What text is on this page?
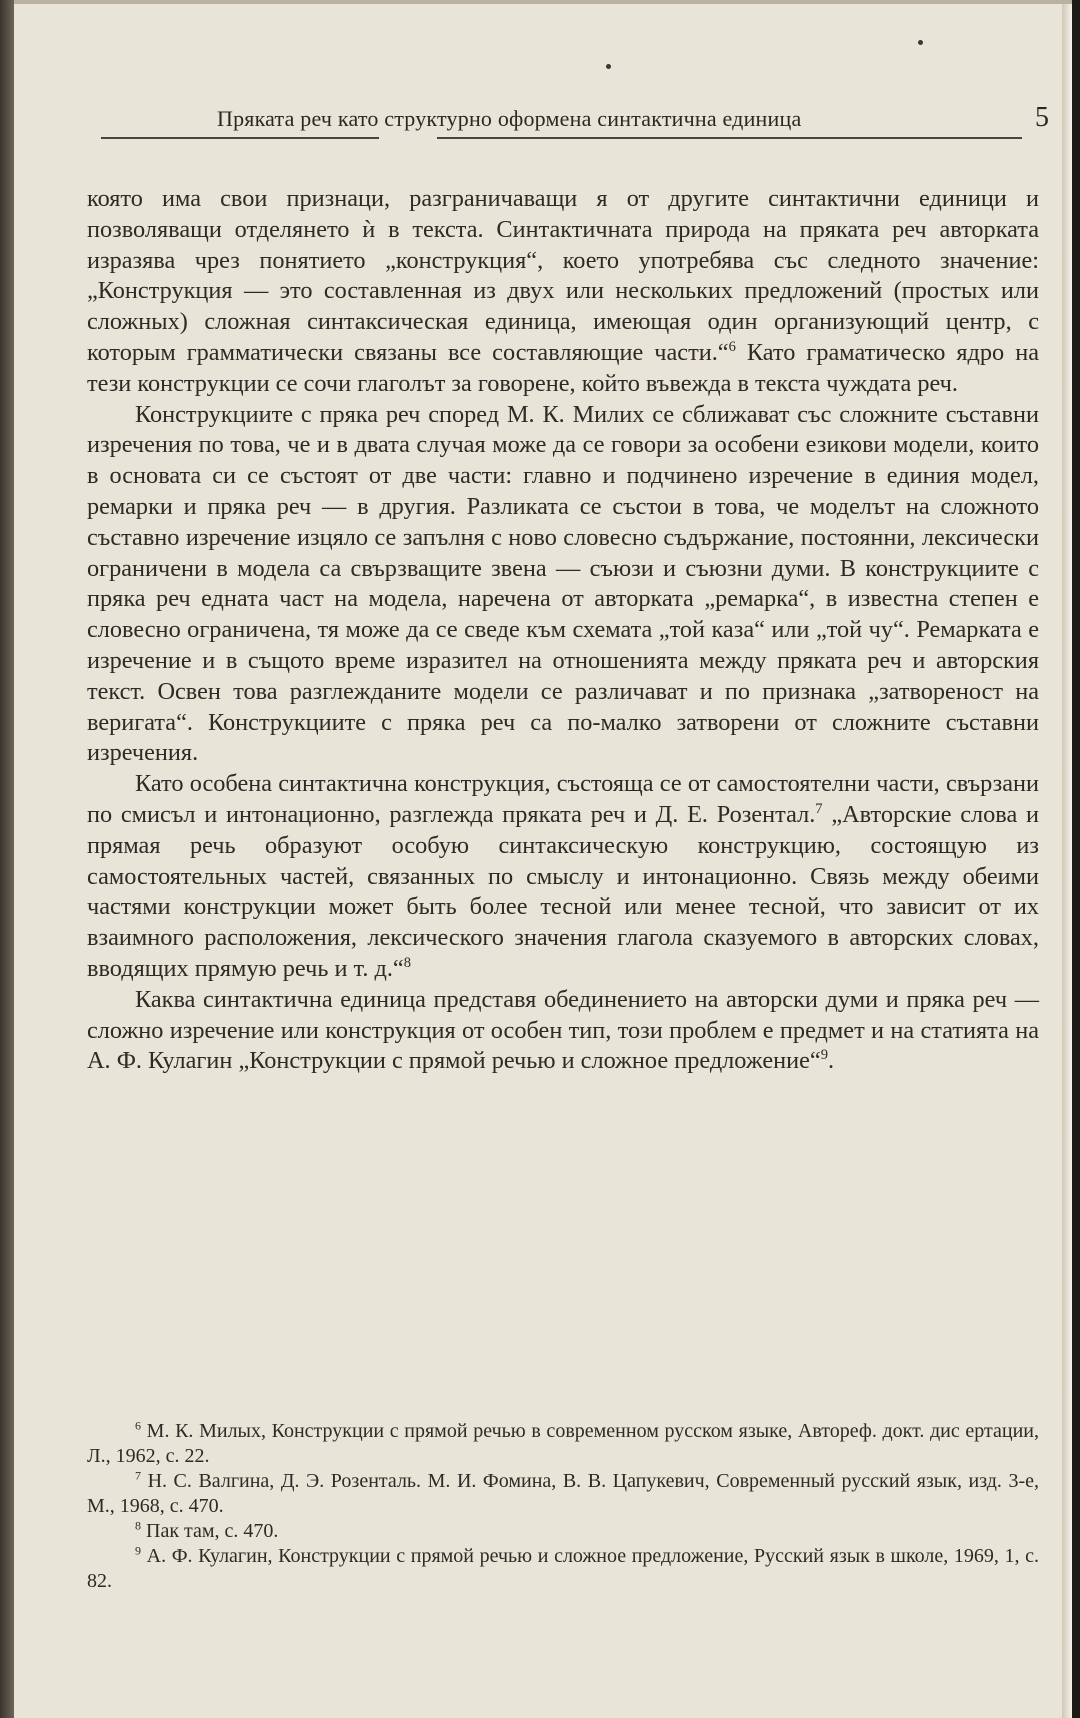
Пряката реч като структурно оформена синтактична единица	5

която има свои признаци, разграничаващи я от другите синтактични единици и позволяващи отделянето ѝ в текста. Синтактичната природа на пряката реч авторката изразява чрез понятието „конструкция“, което употребява със следното значение: „Конструкция — это составленная из двух или нескольких предложений (простых или сложных) сложная синтаксическая единица, имеющая один организующий центр, с которым грамматически связаны все составляющие части.“$^6$ Като граматическо ядро на тези конструкции се сочи глаголът за говорене, който въвежда в текста чуждата реч.

Конструкциите с пряка реч според М. К. Милих се сближават със сложните съставни изречения по това, че и в двата случая може да се говори за особени езикови модели, които в основата си се състоят от две части: главно и подчинено изречение в единия модел, ремарки и пряка реч — в другия. Разликата се състои в това, че моделът на сложното съставно изречение изцяло се запълня с ново словесно съдържание, постоянни, лексически ограничени в модела са свързващите звена — съюзи и съюзни думи. В конструкциите с пряка реч едната част на модела, наречена от авторката „ремарка“, в известна степен е словесно ограничена, тя може да се сведе към схемата „той каза“ или „той чу“. Ремарката е изречение и в същото време изразител на отношенията между пряката реч и авторския текст. Освен това разглежданите модели се различават и по признака „затвореност на веригата“. Конструкциите с пряка реч са по-малко затворени от сложните съставни изречения.

Като особена синтактична конструкция, състояща се от самостоятелни части, свързани по смисъл и интонационно, разглежда пряката реч и Д. Е. Розентал.$^7$ „Авторские слова и прямая речь образуют особую синтаксическую конструкцию, состоящую из самостоятельных частей, связанных по смыслу и интонационно. Связь между обеими частями конструкции может быть более тесной или менее тесной, что зависит от их взаимного расположения, лексического значения глагола сказуемого в авторских словах, вводящих прямую речь и т. д.“$^8$

Каква синтактична единица представя обединението на авторски думи и пряка реч — сложно изречение или конструкция от особен тип, този проблем е предмет и на статията на А. Ф. Кулагин „Конструкции с прямой речью и сложное предложение“$^9$.

$^6$ М. К. Милых, Конструкции с прямой речью в современном русском языке, Автореф. докт. дис ертации, Л., 1962, с. 22.

$^7$ Н. С. Валгина, Д. Э. Розенталь. М. И. Фомина, В. В. Цапукевич, Современный русский язык, изд. 3-е, М., 1968, с. 470.

$^8$ Пак там, с. 470.

$^9$ А. Ф. Кулагин, Конструкции с прямой речью и сложное предложение, Русский язык в школе, 1969, 1, с. 82.
